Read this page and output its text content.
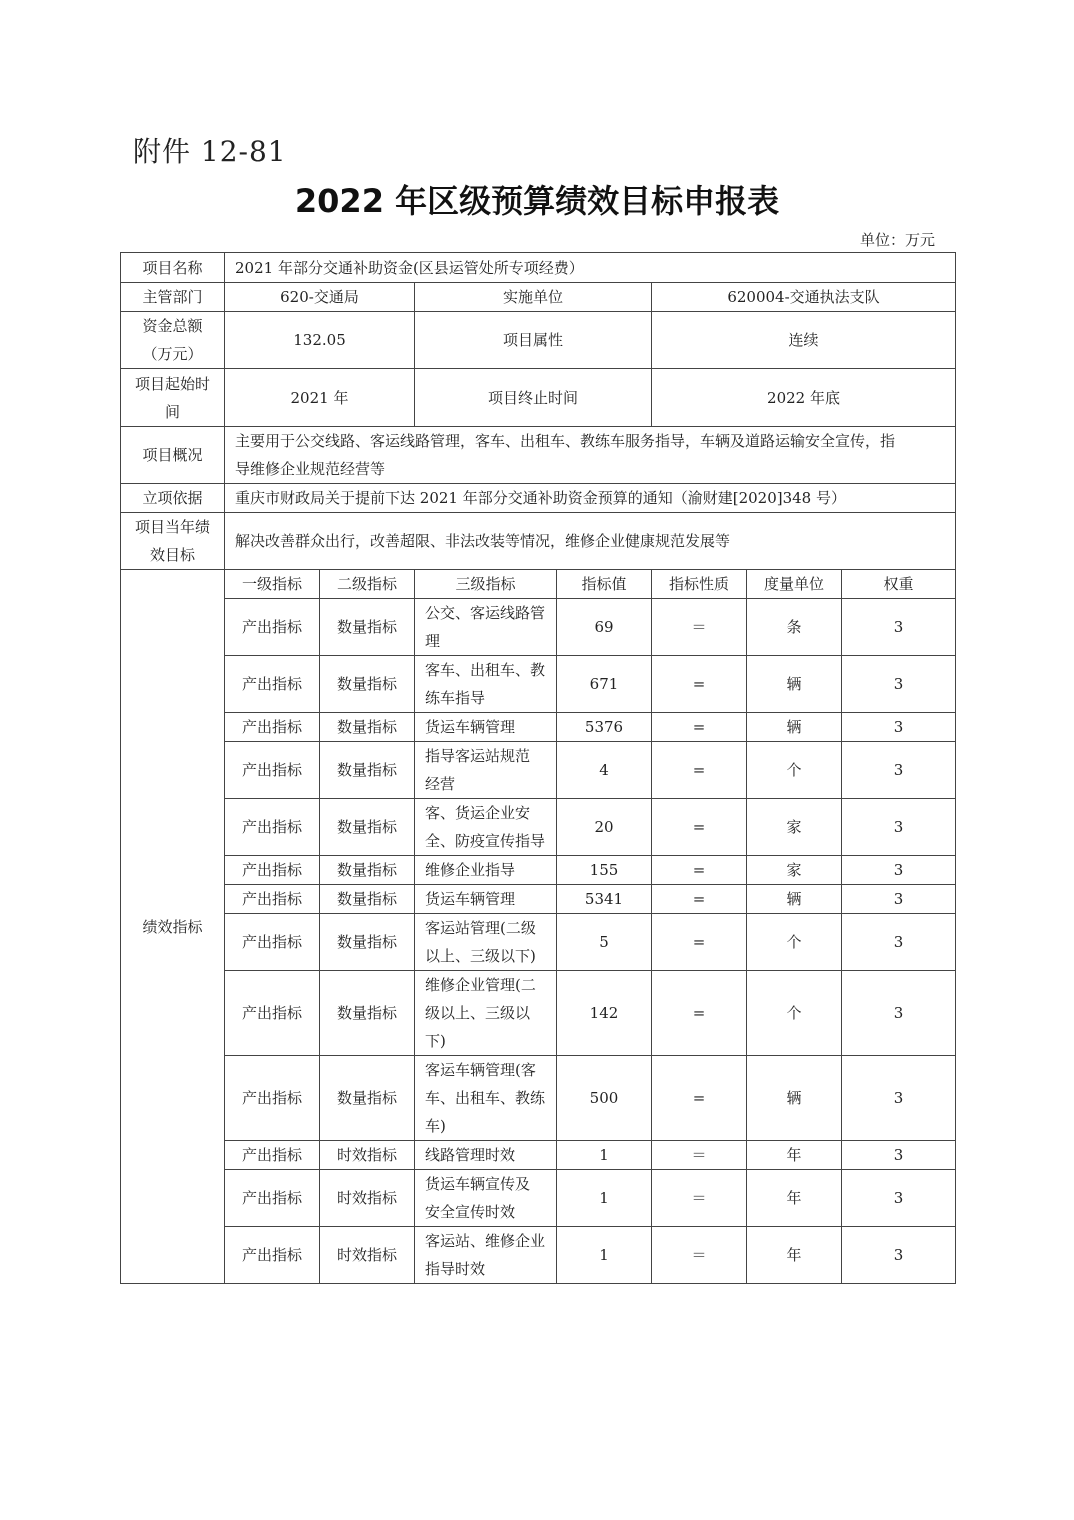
附件 12-81
2022 年区级预算绩效目标申报表
单位：万元
项目名称	2021 年部分交通补助资金(区县运管处所专项经费）						
主管部门	620-交通局		实施单位		620004-交通执法支队		

资金总额
（万元）	132.05		项目属性		连续		

项目起始时
间	2021 年		项目终止时间		2022 年底		
项目概况	主要用于公交线路、客运线路管理，客车、出租车、教练车服务指导，车辆及道路运输安全宣传，指
导维修企业规范经营等						

立项依据	重庆市财政局关于提前下达 2021 年部分交通补助资金预算的通知（渝财建[2020]348 号）						

项目当年绩
效目标	解决改善群众出行，改善超限、非法改装等情况，维修企业健康规范发展等						
绩效指标	一级指标	二级指标	三级指标	指标值	指标性质	度量单位	权重
	产出指标	数量指标	公交、客运线路管
理	69	＝	条	3
	产出指标	数量指标	客车、出租车、教
练车指导	671	=	辆	3
	产出指标	数量指标	货运车辆管理	5376	=	辆	3
	产出指标	数量指标	指导客运站规范
经营	4	=	个	3
	产出指标	数量指标	客、货运企业安
全、防疫宣传指导	20	=	家	3
	产出指标	数量指标	维修企业指导	155	=	家	3
	产出指标	数量指标	货运车辆管理	5341	=	辆	3
	产出指标	数量指标	客运站管理(二级
以上、三级以下)	5	=	个	3
	产出指标	数量指标	维修企业管理(二
级以上、三级以
下)	142	=	个	3
	产出指标	数量指标	客运车辆管理(客
车、出租车、教练
车)	500	=	辆	3
	产出指标	时效指标	线路管理时效	1	＝	年	3
	产出指标	时效指标	货运车辆宣传及
安全宣传时效	1	＝	年	3
	产出指标	时效指标	客运站、维修企业
指导时效	1	＝	年	3
